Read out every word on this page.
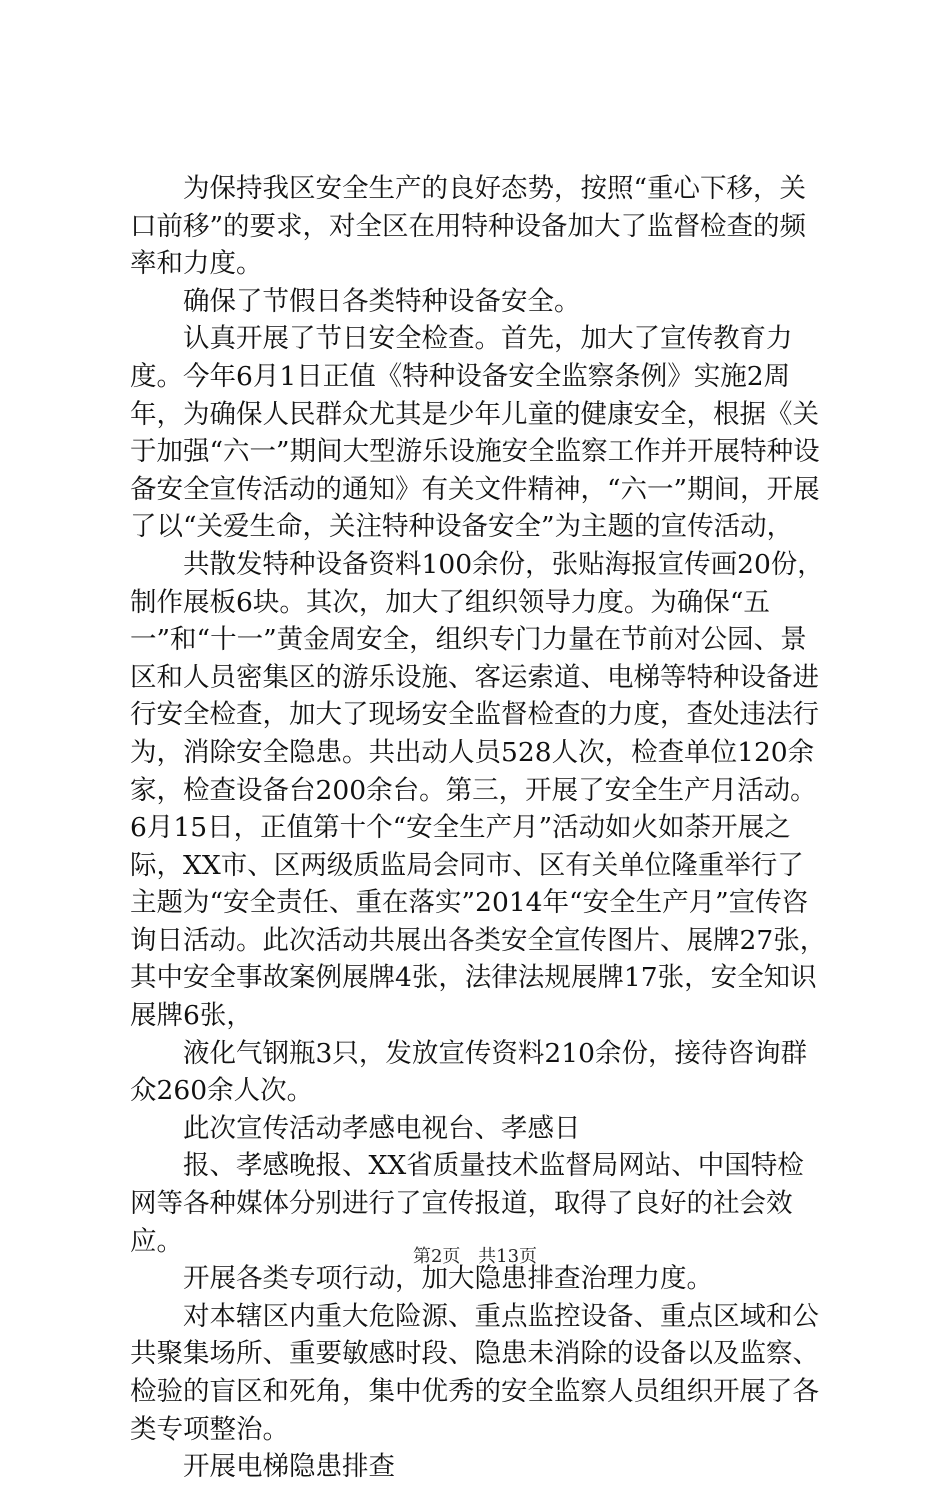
为保持我区安全生产的良好态势，按照“重心下移，关口前移”的要求，对全区在用特种设备加大了监督检查的频率和力度。

确保了节假日各类特种设备安全。

认真开展了节日安全检查。首先，加大了宣传教育力度。今年6月1日正值《特种设备安全监察条例》实施2周年，为确保人民群众尤其是少年儿童的健康安全，根据《关于加强“六一”期间大型游乐设施安全监察工作并开展特种设备安全宣传活动的通知》有关文件精神，“六一”期间，开展了以“关爱生命，关注特种设备安全”为主题的宣传活动，

共散发特种设备资料100余份，张贴海报宣传画20份，制作展板6块。其次，加大了组织领导力度。为确保“五一”和“十一”黄金周安全，组织专门力量在节前对公园、景区和人员密集区的游乐设施、客运索道、电梯等特种设备进行安全检查，加大了现场安全监督检查的力度，查处违法行为，消除安全隐患。共出动人员528人次，检查单位120余家，检查设备台200余台。第三，开展了安全生产月活动。6月15日，正值第十个“安全生产月”活动如火如荼开展之际，XX市、区两级质监局会同市、区有关单位隆重举行了主题为“安全责任、重在落实”2014年“安全生产月”宣传咨询日活动。此次活动共展出各类安全宣传图片、展牌27张，其中安全事故案例展牌4张，法律法规展牌17张，安全知识展牌6张，

液化气钢瓶3只，发放宣传资料210余份，接待咨询群众260余人次。

此次宣传活动孝感电视台、孝感日

报、孝感晚报、XX省质量技术监督局网站、中国特检网等各种媒体分别进行了宣传报道，取得了良好的社会效应。

开展各类专项行动，加大隐患排查治理力度。

对本辖区内重大危险源、重点监控设备、重点区域和公共聚集场所、重要敏感时段、隐患未消除的设备以及监察、检验的盲区和死角，集中优秀的安全监察人员组织开展了各类专项整治。

开展电梯隐患排查

第2页 共13页
